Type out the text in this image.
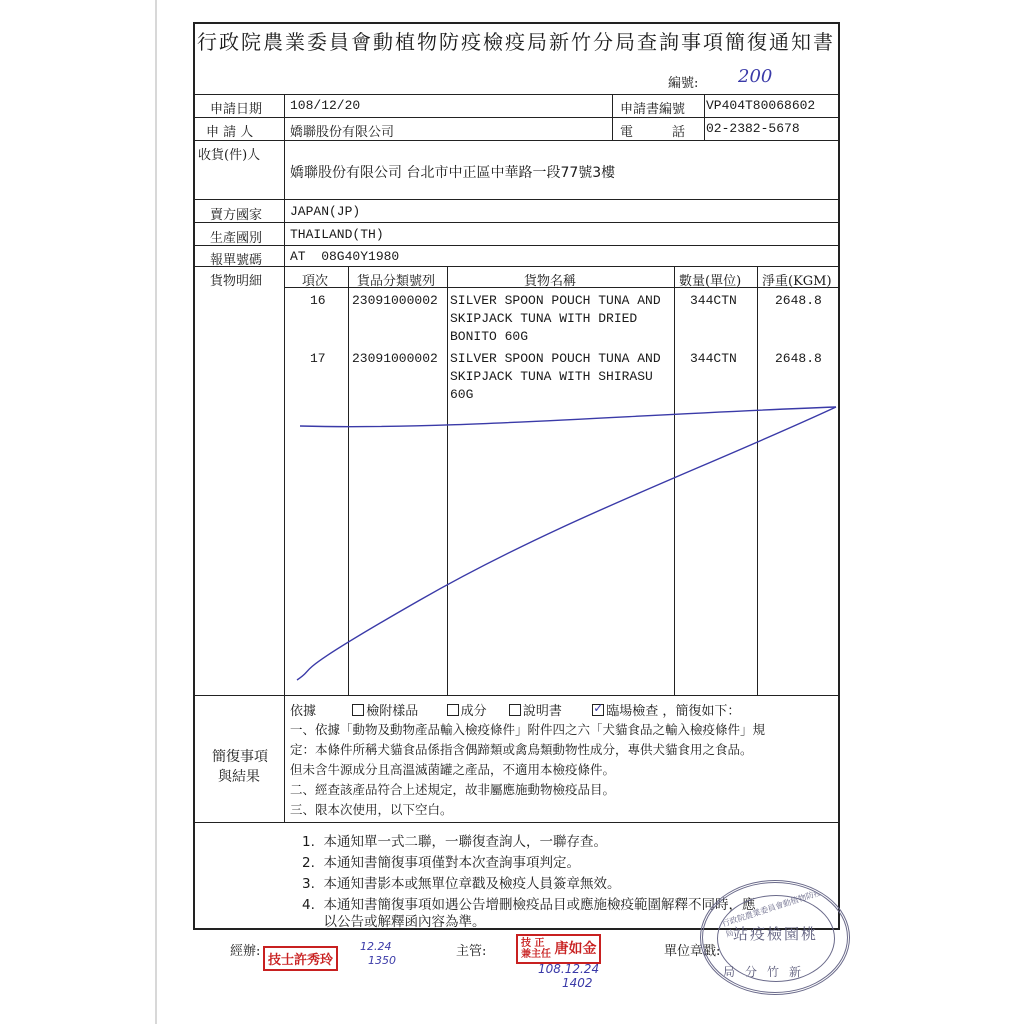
行政院農業委員會動植物防疫檢疫局新竹分局查詢事項簡復通知書
編號: 200
申請日期 108/12/20	申請書編號 VP404T80068602
申 請 人	嬌聯股份有限公司	電　　　話 02-2382-5678
收貨(件)人
嬌聯股份有限公司 台北市中正區中華路一段77號3樓
賣方國家 JAPAN(JP)
生產國別 THAILAND(TH)
報單號碼 AT  08G40Y1980
貨物明細	項次 貨品分類號列	貨物名稱	數量(單位) 淨重(KGM)
16 23091000002 SILVER SPOON POUCH TUNA AND
SKIPJACK TUNA WITH DRIED
BONITO 60G
344CTN	2648.8
17 23091000002 SILVER SPOON POUCH TUNA AND
SKIPJACK TUNA WITH SHIRASU
60G
344CTN	2648.8
簡復事項
與結果
依據	檢附樣品	成分	說明書	✓ 臨場檢查 ，簡復如下：
一、依據「動物及動物產品輸入檢疫條件」附件四之六「犬貓食品之輸入檢疫條件」規
定：本條件所稱犬貓食品係指含偶蹄類或禽鳥類動物性成分，專供犬貓食用之食品。
但未含牛源成分且高溫滅菌罐之產品，不適用本檢疫條件。
二、經查該產品符合上述規定，故非屬應施動物檢疫品目。
三、限本次使用，以下空白。
1.  本通知單一式二聯，一聯復查詢人，一聯存查。
2.  本通知書簡復事項僅對本次查詢事項判定。
3.  本通知書影本或無單位章戳及檢疫人員簽章無效。
4.  本通知書簡復事項如遇公告增刪檢疫品目或應施檢疫範圍解釋不同時，應
以公告或解釋函內容為準。
經辦:
技士許秀玲
12.24
1350
主管:
技 正
兼主任 唐如金
108.12.24
1402
單位章戳:
行政院農業委員會動植物防疫檢疫局
站疫檢園桃
局分竹新
